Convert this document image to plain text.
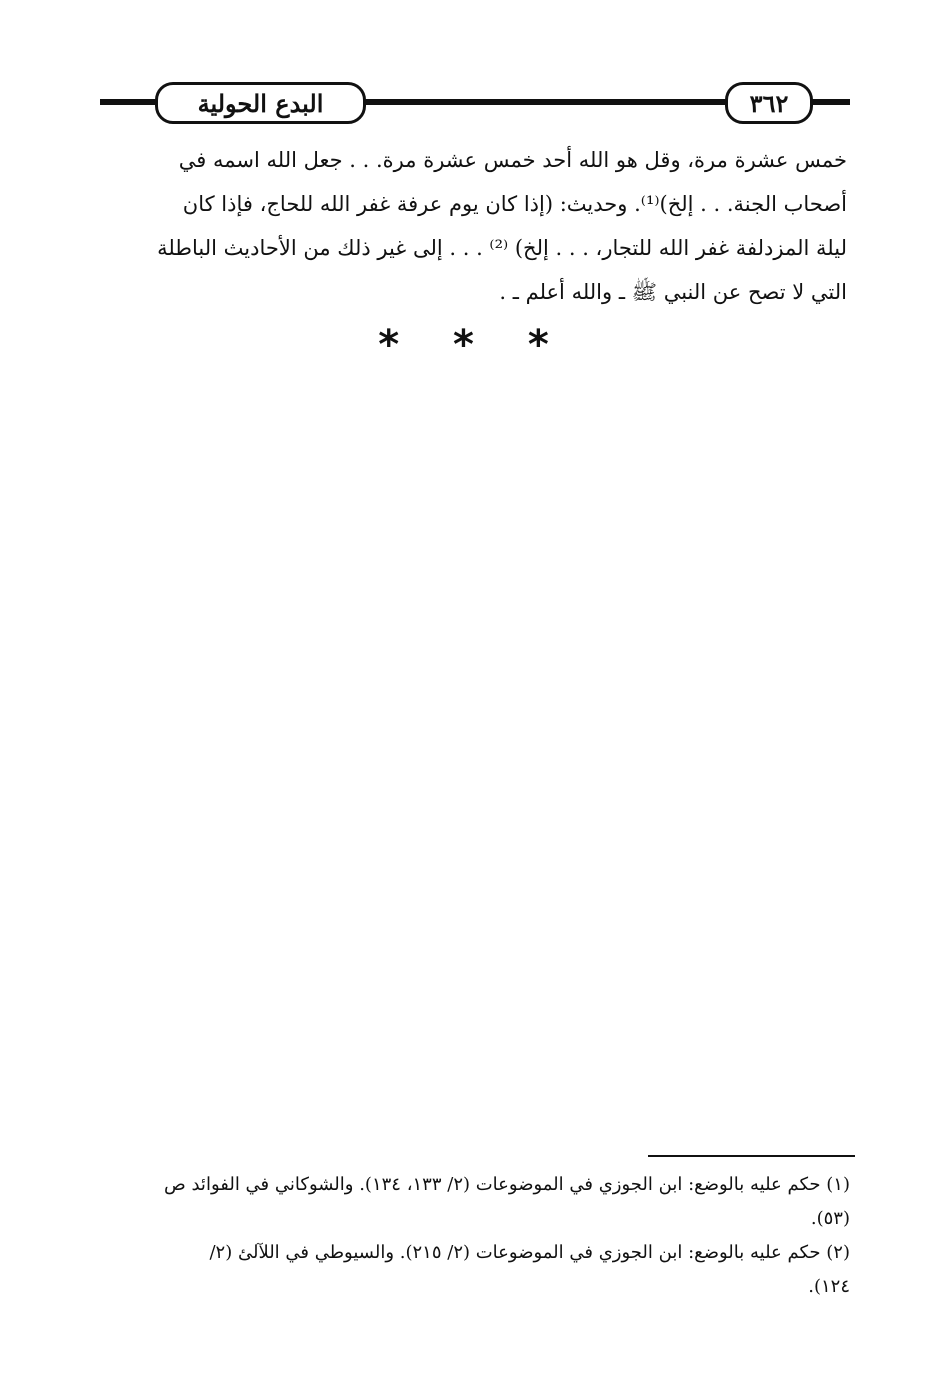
البدع الحولية	٣٦٢
خمس عشرة مرة، وقل هو الله أحد خمس عشرة مرة. . . جعل الله اسمه في
أصحاب الجنة. . . إلخ)⁽¹⁾. وحديث: (إذا كان يوم عرفة غفر الله للحاج، فإذا كان
ليلة المزدلفة غفر الله للتجار، . . . إلخ) ⁽²⁾ . . . إلى غير ذلك من الأحاديث الباطلة
التي لا تصح عن النبي ﷺ ـ والله أعلم ـ .
* * *
(١) حكم عليه بالوضع: ابن الجوزي في الموضوعات (٢/ ١٣٣، ١٣٤). والشوكاني في الفوائد ص
(٥٣).
(٢) حكم عليه بالوضع: ابن الجوزي في الموضوعات (٢/ ٢١٥). والسيوطي في اللآلئ (٢/
١٢٤).
